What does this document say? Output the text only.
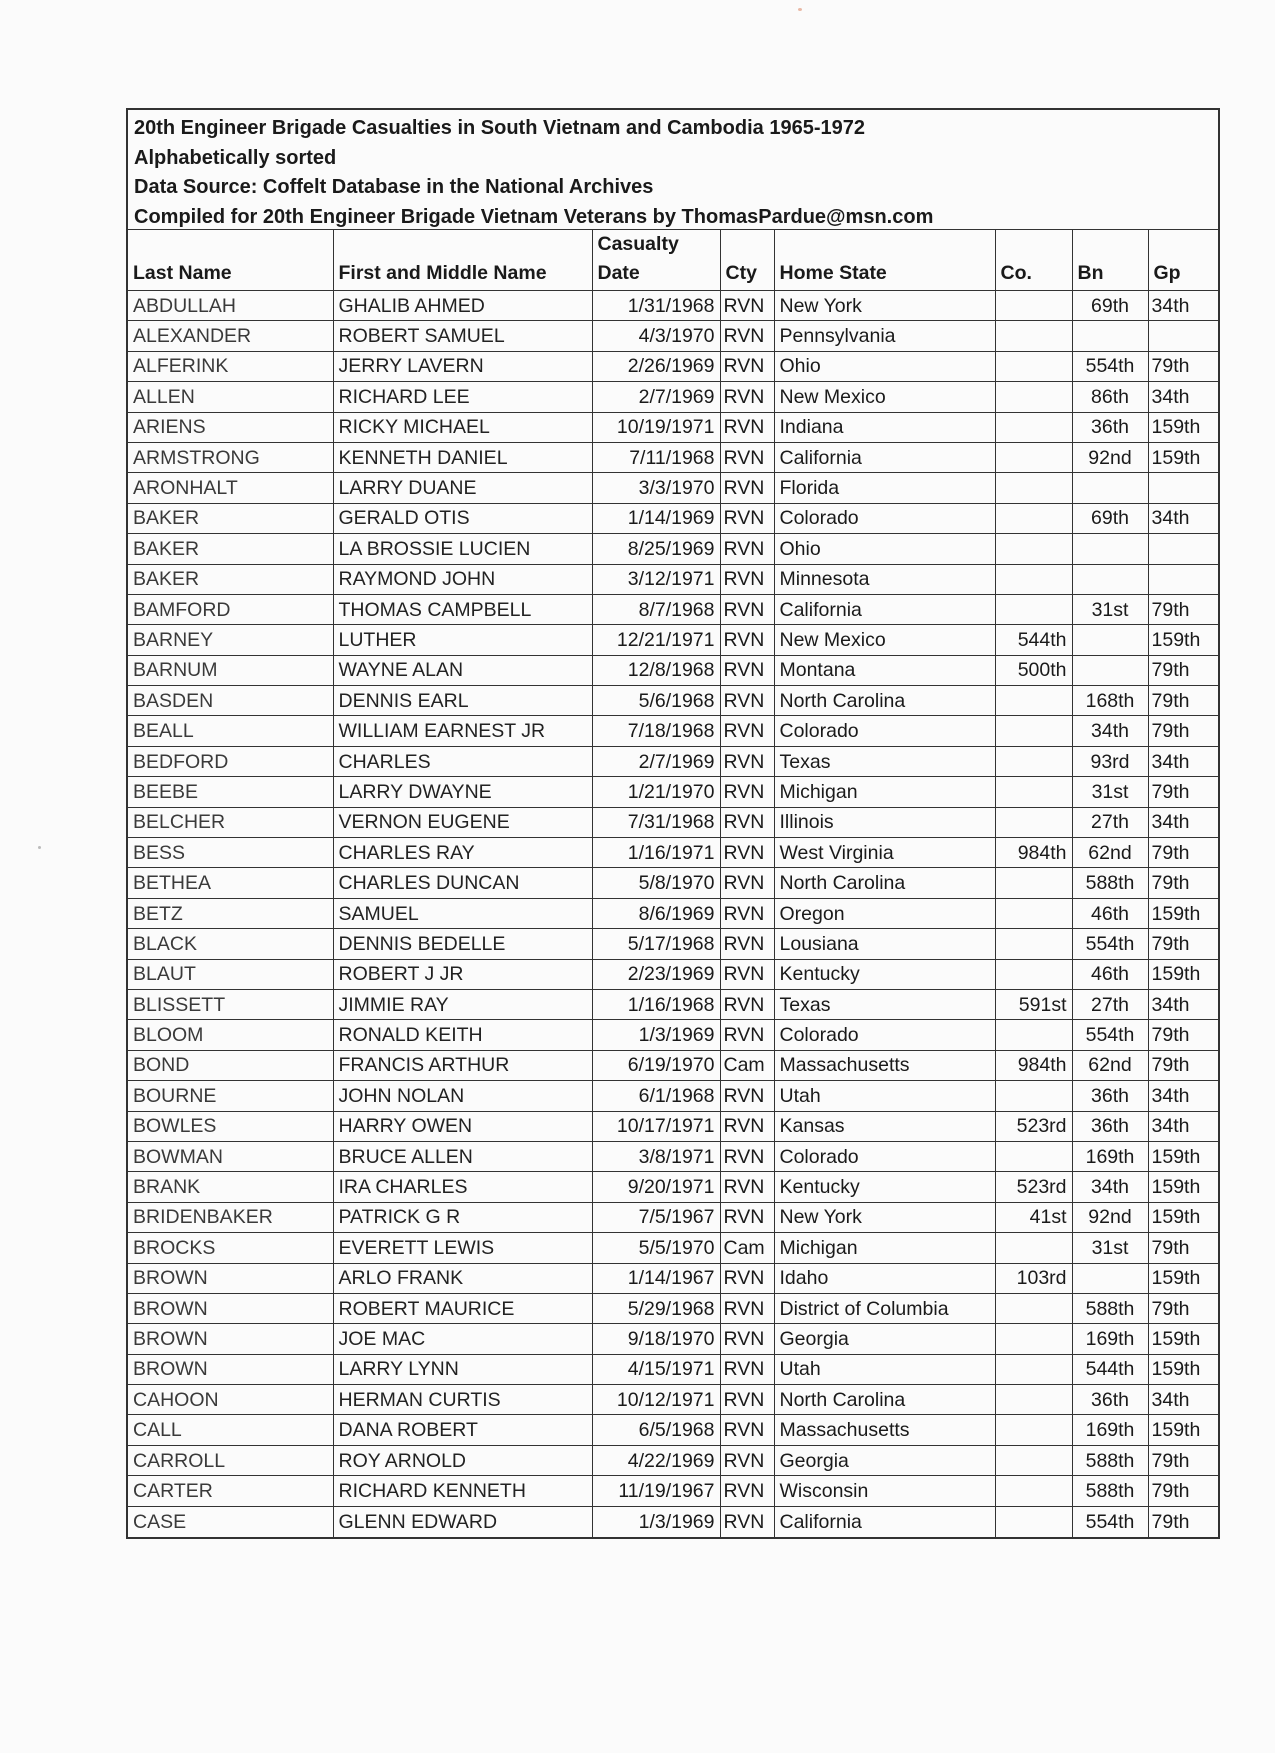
20th Engineer Brigade Casualties in South Vietnam and Cambodia 1965-1972
Alphabetically sorted
Data Source: Coffelt Database in the National Archives
Compiled for 20th Engineer Brigade Vietnam Veterans by ThomasPardue@msn.com
Last Name	First and Middle Name	Casualty
Date	Cty	Home State	Co.	Bn	Gp
ABDULLAH	GHALIB AHMED	1/31/1968	RVN	New York		69th	34th
ALEXANDER	ROBERT SAMUEL	4/3/1970	RVN	Pennsylvania			
ALFERINK	JERRY LAVERN	2/26/1969	RVN	Ohio		554th	79th
ALLEN	RICHARD LEE	2/7/1969	RVN	New Mexico		86th	34th
ARIENS	RICKY MICHAEL	10/19/1971	RVN	Indiana		36th	159th
ARMSTRONG	KENNETH DANIEL	7/11/1968	RVN	California		92nd	159th
ARONHALT	LARRY DUANE	3/3/1970	RVN	Florida			
BAKER	GERALD OTIS	1/14/1969	RVN	Colorado		69th	34th
BAKER	LA BROSSIE LUCIEN	8/25/1969	RVN	Ohio			
BAKER	RAYMOND JOHN	3/12/1971	RVN	Minnesota			
BAMFORD	THOMAS CAMPBELL	8/7/1968	RVN	California		31st	79th
BARNEY	LUTHER	12/21/1971	RVN	New Mexico	544th		159th
BARNUM	WAYNE ALAN	12/8/1968	RVN	Montana	500th		79th
BASDEN	DENNIS EARL	5/6/1968	RVN	North Carolina		168th	79th
BEALL	WILLIAM EARNEST JR	7/18/1968	RVN	Colorado		34th	79th
BEDFORD	CHARLES	2/7/1969	RVN	Texas		93rd	34th
BEEBE	LARRY DWAYNE	1/21/1970	RVN	Michigan		31st	79th
BELCHER	VERNON EUGENE	7/31/1968	RVN	Illinois		27th	34th
BESS	CHARLES RAY	1/16/1971	RVN	West Virginia	984th	62nd	79th
BETHEA	CHARLES DUNCAN	5/8/1970	RVN	North Carolina		588th	79th
BETZ	SAMUEL	8/6/1969	RVN	Oregon		46th	159th
BLACK	DENNIS BEDELLE	5/17/1968	RVN	Lousiana		554th	79th
BLAUT	ROBERT J JR	2/23/1969	RVN	Kentucky		46th	159th
BLISSETT	JIMMIE RAY	1/16/1968	RVN	Texas	591st	27th	34th
BLOOM	RONALD KEITH	1/3/1969	RVN	Colorado		554th	79th
BOND	FRANCIS ARTHUR	6/19/1970	Cam	Massachusetts	984th	62nd	79th
BOURNE	JOHN NOLAN	6/1/1968	RVN	Utah		36th	34th
BOWLES	HARRY OWEN	10/17/1971	RVN	Kansas	523rd	36th	34th
BOWMAN	BRUCE ALLEN	3/8/1971	RVN	Colorado		169th	159th
BRANK	IRA CHARLES	9/20/1971	RVN	Kentucky	523rd	34th	159th
BRIDENBAKER	PATRICK G R	7/5/1967	RVN	New York	41st	92nd	159th
BROCKS	EVERETT LEWIS	5/5/1970	Cam	Michigan		31st	79th
BROWN	ARLO FRANK	1/14/1967	RVN	Idaho	103rd		159th
BROWN	ROBERT MAURICE	5/29/1968	RVN	District of Columbia		588th	79th
BROWN	JOE MAC	9/18/1970	RVN	Georgia		169th	159th
BROWN	LARRY LYNN	4/15/1971	RVN	Utah		544th	159th
CAHOON	HERMAN CURTIS	10/12/1971	RVN	North Carolina		36th	34th
CALL	DANA ROBERT	6/5/1968	RVN	Massachusetts		169th	159th
CARROLL	ROY ARNOLD	4/22/1969	RVN	Georgia		588th	79th
CARTER	RICHARD KENNETH	11/19/1967	RVN	Wisconsin		588th	79th
CASE	GLENN EDWARD	1/3/1969	RVN	California		554th	79th
